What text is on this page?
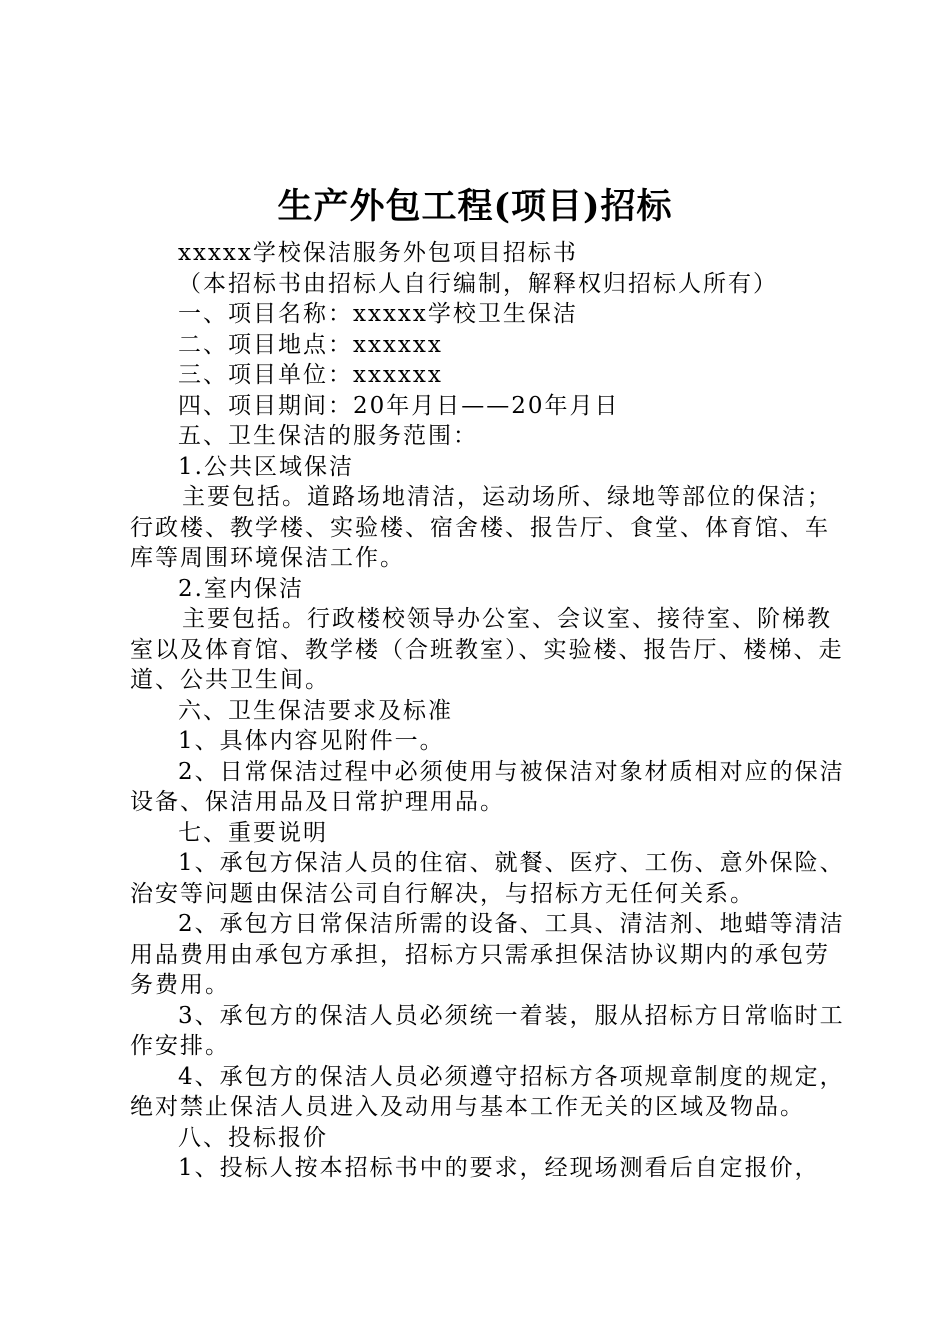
生产外包工程(项目)招标

xxxxx学校保洁服务外包项目招标书

（本招标书由招标人自行编制，解释权归招标人所有）

一、项目名称：xxxxx学校卫生保洁

二、项目地点：xxxxxx

三、项目单位：xxxxxx

四、项目期间：20年月日——20年月日

五、卫生保洁的服务范围：

1.公共区域保洁

主要包括。道路场地清洁，运动场所、绿地等部位的保洁；行政楼、教学楼、实验楼、宿舍楼、报告厅、食堂、体育馆、车库等周围环境保洁工作。

2.室内保洁

主要包括。行政楼校领导办公室、会议室、接待室、阶梯教室以及体育馆、教学楼（合班教室）、实验楼、报告厅、楼梯、走道、公共卫生间。

六、卫生保洁要求及标准

1、具体内容见附件一。

2、日常保洁过程中必须使用与被保洁对象材质相对应的保洁设备、保洁用品及日常护理用品。

七、重要说明

1、承包方保洁人员的住宿、就餐、医疗、工伤、意外保险、治安等问题由保洁公司自行解决，与招标方无任何关系。

2、承包方日常保洁所需的设备、工具、清洁剂、地蜡等清洁用品费用由承包方承担，招标方只需承担保洁协议期内的承包劳务费用。

3、承包方的保洁人员必须统一着装，服从招标方日常临时工作安排。

4、承包方的保洁人员必须遵守招标方各项规章制度的规定，绝对禁止保洁人员进入及动用与基本工作无关的区域及物品。

八、投标报价

1、投标人按本招标书中的要求，经现场测看后自定报价，
